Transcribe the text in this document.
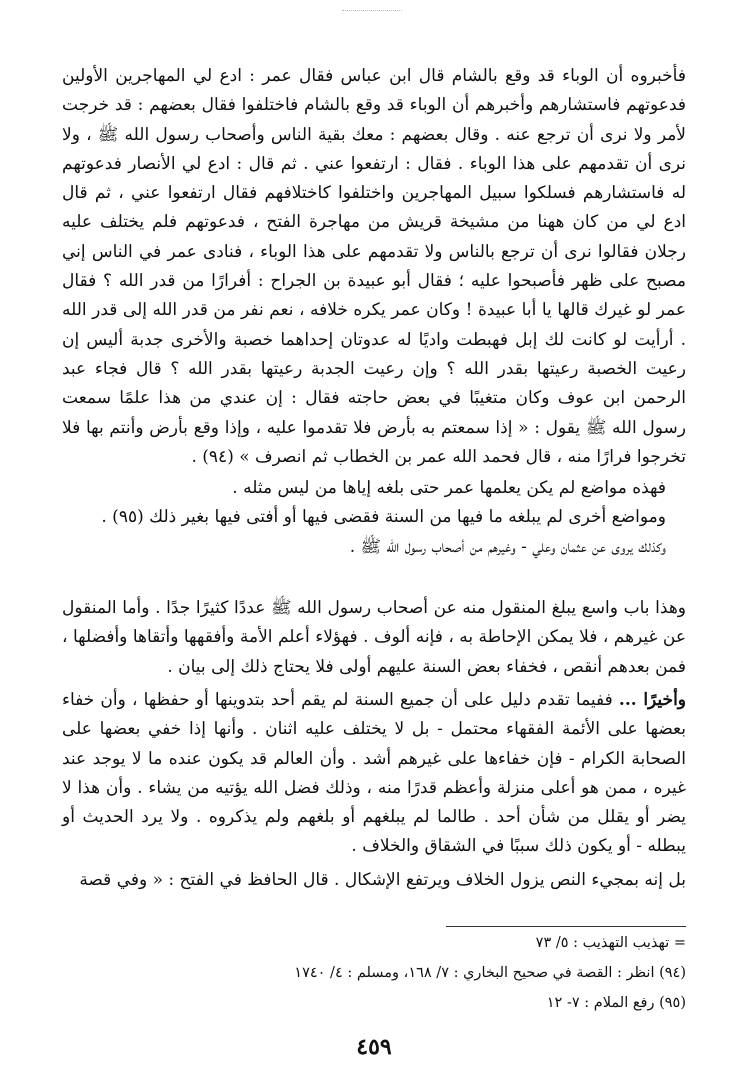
فأخبروه أن الوباء قد وقع بالشام قال ابن عباس فقال عمر : ادع لي المهاجرين الأولين فدعوتهم فاستشارهم وأخبرهم أن الوباء قد وقع بالشام فاختلفوا فقال بعضهم : قد خرجت لأمر ولا نرى أن ترجع عنه . وقال بعضهم : معك بقية الناس وأصحاب رسول الله ﷺ ، ولا نرى أن تقدمهم على هذا الوباء . فقال : ارتفعوا عني . ثم قال : ادع لي الأنصار فدعوتهم له فاستشارهم فسلكوا سبيل المهاجرين واختلفوا كاختلافهم فقال ارتفعوا عني ، ثم قال ادع لي من كان ههنا من مشيخة قريش من مهاجرة الفتح ، فدعوتهم فلم يختلف عليه رجلان فقالوا نرى أن ترجع بالناس ولا تقدمهم على هذا الوباء ، فنادى عمر في الناس إني مصبح على ظهر فأصبحوا عليه ؛ فقال أبو عبيدة بن الجراح : أفرارًا من قدر الله ؟ فقال عمر لو غيرك قالها يا أبا عبيدة ! وكان عمر يكره خلافه ، نعم نفر من قدر الله إلى قدر الله . أرأيت لو كانت لك إبل فهبطت واديًا له عدوتان إحداهما خصبة والأخرى جدبة أليس إن رعيت الخصبة رعيتها بقدر الله ؟ وإن رعيت الجدبة رعيتها بقدر الله ؟ قال فجاء عبد الرحمن ابن عوف وكان متغيبًا في بعض حاجته فقال : إن عندي من هذا علمًا سمعت رسول الله ﷺ يقول : « إذا سمعتم به بأرض فلا تقدموا عليه ، وإذا وقع بأرض وأنتم بها فلا تخرجوا فرارًا منه ، قال فحمد الله عمر بن الخطاب ثم انصرف » (٩٤) .

فهذه مواضع لم يكن يعلمها عمر حتى بلغه إياها من ليس مثله .

ومواضع أخرى لم يبلغه ما فيها من السنة فقضى فيها أو أفتى فيها بغير ذلك (٩٥) .

وكذلك يروى عن عثمان وعلي - وغيرهم من أصحاب رسول الله ﷺ .

وهذا باب واسع يبلغ المنقول منه عن أصحاب رسول الله ﷺ عددًا كثيرًا جدًا . وأما المنقول عن غيرهم ، فلا يمكن الإحاطة به ، فإنه ألوف . فهؤلاء أعلم الأمة وأفقهها وأتقاها وأفضلها ، فمن بعدهم أنقص ، فخفاء بعض السنة عليهم أولى فلا يحتاج ذلك إلى بيان .

وأخيرًا ... ففيما تقدم دليل على أن جميع السنة لم يقم أحد بتدوينها أو حفظها ، وأن خفاء بعضها على الأئمة الفقهاء محتمل - بل لا يختلف عليه اثنان . وأنها إذا خفي بعضها على الصحابة الكرام - فإن خفاءها على غيرهم أشد . وأن العالم قد يكون عنده ما لا يوجد عند غيره ، ممن هو أعلى منزلة وأعظم قدرًا منه ، وذلك فضل الله يؤتيه من يشاء . وأن هذا لا يضر أو يقلل من شأن أحد . طالما لم يبلغهم أو بلغهم ولم يذكروه . ولا يرد الحديث أو يبطله - أو يكون ذلك سببًا في الشقاق والخلاف .

بل إنه بمجيء النص يزول الخلاف ويرتفع الإشكال . قال الحافظ في الفتح : « وفي قصة

= تهذيب التهذيب : ٥/ ٧٣

(٩٤) انظر : القصة في صحيح البخاري : ٧/ ١٦٨، ومسلم : ٤/ ١٧٤٠

(٩٥) رفع الملام : ٧- ١٢

٤٥٩
